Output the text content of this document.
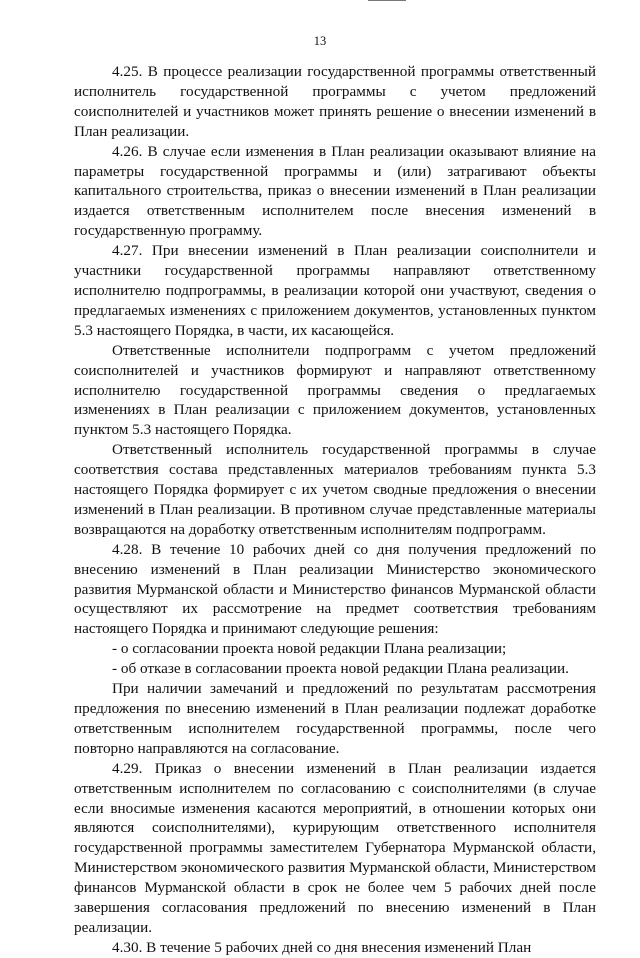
13

4.25. В процессе реализации государственной программы ответственный исполнитель государственной программы с учетом предложений соисполнителей и участников может принять решение о внесении изменений в План реализации.

4.26. В случае если изменения в План реализации оказывают влияние на параметры государственной программы и (или) затрагивают объекты капитального строительства, приказ о внесении изменений в План реализации издается ответственным исполнителем после внесения изменений в государственную программу.

4.27. При внесении изменений в План реализации соисполнители и участники государственной программы направляют ответственному исполнителю подпрограммы, в реализации которой они участвуют, сведения о предлагаемых изменениях с приложением документов, установленных пунктом 5.3 настоящего Порядка, в части, их касающейся.

Ответственные исполнители подпрограмм с учетом предложений соисполнителей и участников формируют и направляют ответственному исполнителю государственной программы сведения о предлагаемых изменениях в План реализации с приложением документов, установленных пунктом 5.3 настоящего Порядка.

Ответственный исполнитель государственной программы в случае соответствия состава представленных материалов требованиям пункта 5.3 настоящего Порядка формирует с их учетом сводные предложения о внесении изменений в План реализации. В противном случае представленные материалы возвращаются на доработку ответственным исполнителям подпрограмм.

4.28. В течение 10 рабочих дней со дня получения предложений по внесению изменений в План реализации Министерство экономического развития Мурманской области и Министерство финансов Мурманской области осуществляют их рассмотрение на предмет соответствия требованиям настоящего Порядка и принимают следующие решения:

- о согласовании проекта новой редакции Плана реализации;

- об отказе в согласовании проекта новой редакции Плана реализации.

При наличии замечаний и предложений по результатам рассмотрения предложения по внесению изменений в План реализации подлежат доработке ответственным исполнителем государственной программы, после чего повторно направляются на согласование.

4.29. Приказ о внесении изменений в План реализации издается ответственным исполнителем по согласованию с соисполнителями (в случае если вносимые изменения касаются мероприятий, в отношении которых они являются соисполнителями), курирующим ответственного исполнителя государственной программы заместителем Губернатора Мурманской области, Министерством экономического развития Мурманской области, Министерством финансов Мурманской области в срок не более чем 5 рабочих дней после завершения согласования предложений по внесению изменений в План реализации.

4.30. В течение 5 рабочих дней со дня внесения изменений План
